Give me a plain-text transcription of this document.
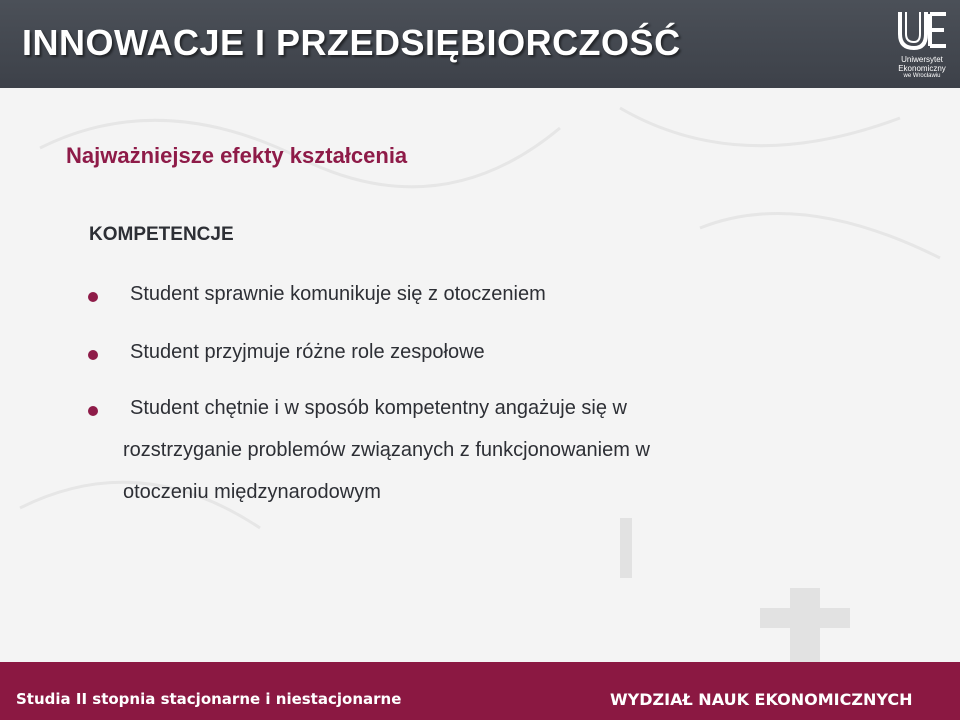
INNOWACJE I PRZEDSIĘBIORCZOŚĆ	Uniwersytet
Ekonomiczny
we Wrocławiu
Najważniejsze efekty kształcenia
KOMPETENCJE
Student sprawnie komunikuje się z otoczeniem
Student przyjmuje różne role zespołowe
Student chętnie i w sposób kompetentny angażuje się w
rozstrzyganie problemów związanych z funkcjonowaniem w
otoczeniu międzynarodowym
Studia II stopnia stacjonarne i niestacjonarne	WYDZIAŁ NAUK EKONOMICZNYCH
